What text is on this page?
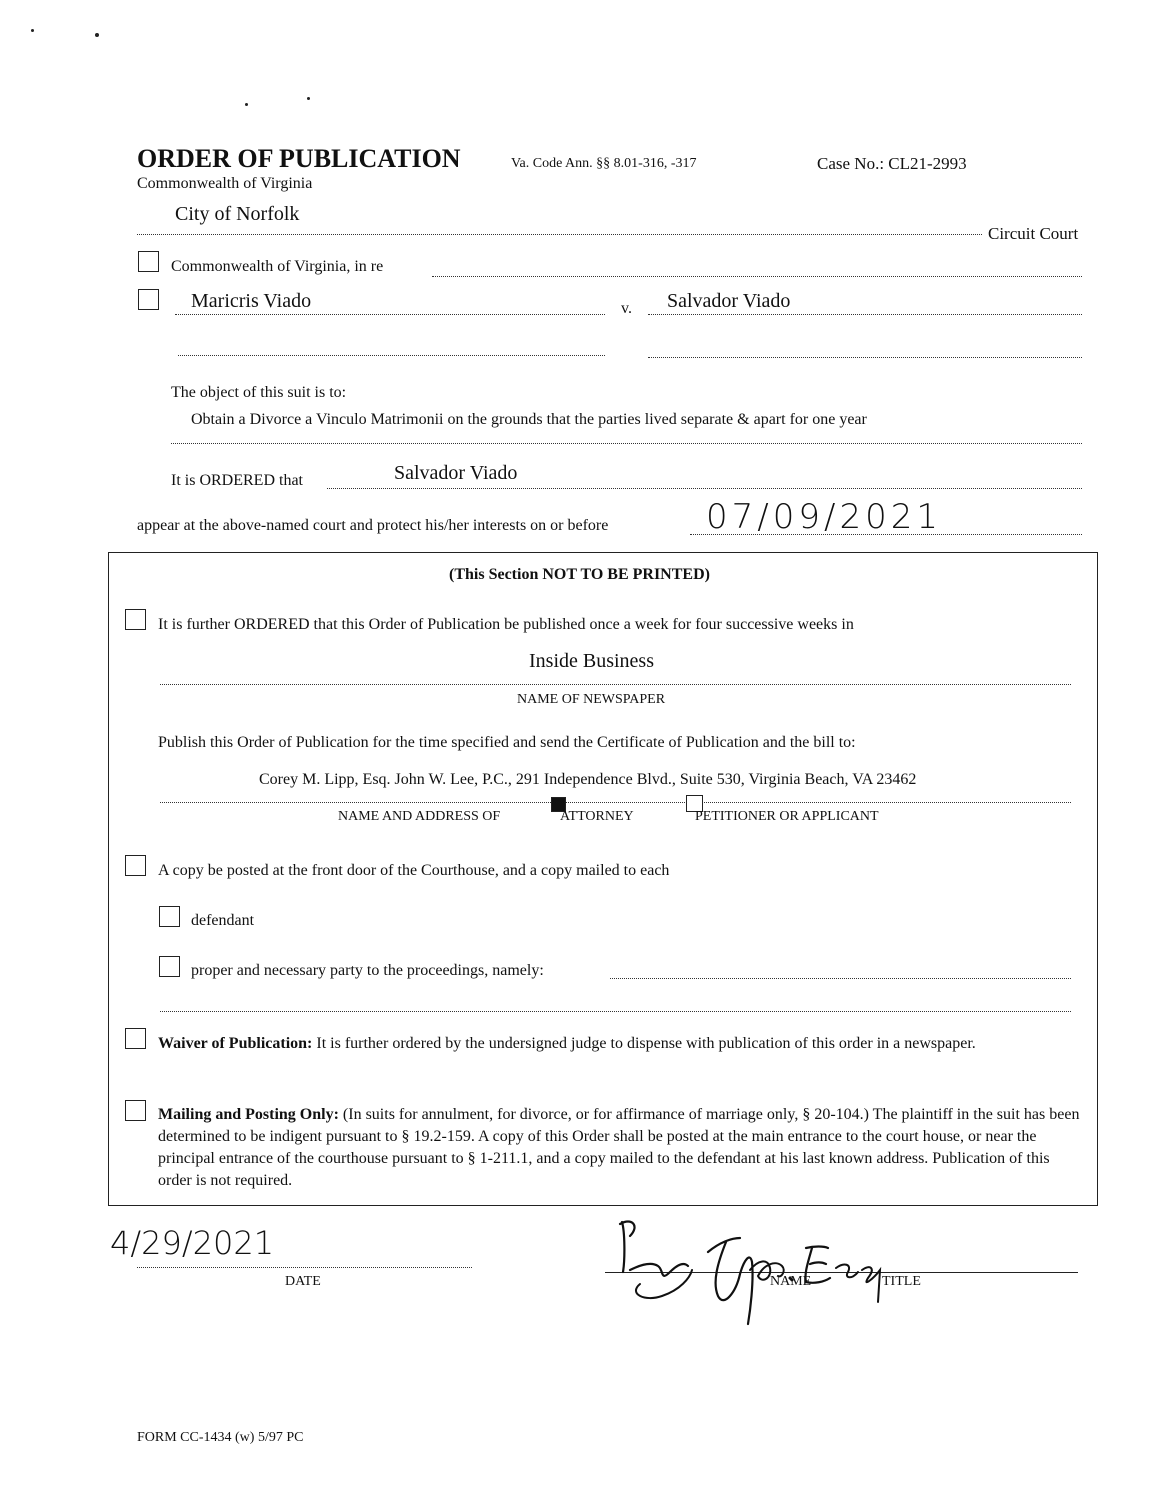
ORDER OF PUBLICATION	Va. Code Ann. §§ 8.01-316, -317	Case No.: CL21-2993
Commonwealth of Virginia
City of Norfolk
Circuit Court
Commonwealth of Virginia, in re
Maricris Viado	v. Salvador Viado
The object of this suit is to:
Obtain a Divorce a Vinculo Matrimonii on the grounds that the parties lived separate & apart for one year
It is ORDERED that	Salvador Viado
appear at the above-named court and protect his/her interests on or before	07/09/2021
(This Section NOT TO BE PRINTED)
It is further ORDERED that this Order of Publication be published once a week for four successive weeks in
Inside Business
NAME OF NEWSPAPER
Publish this Order of Publication for the time specified and send the Certificate of Publication and the bill to:
Corey M. Lipp, Esq. John W. Lee, P.C., 291 Independence Blvd., Suite 530, Virginia Beach, VA 23462
NAME AND ADDRESS OF	ATTORNEY	PETITIONER OR APPLICANT
A copy be posted at the front door of the Courthouse, and a copy mailed to each
defendant
proper and necessary party to the proceedings, namely:
Waiver of Publication: It is further ordered by the undersigned judge to dispense with publication of this order in a newspaper.
Mailing and Posting Only: (In suits for annulment, for divorce, or for affirmance of marriage only, § 20-104.) The plaintiff in the suit has been determined to be indigent pursuant to § 19.2-159. A copy of this Order shall be posted at the main entrance to the court house, or near the principal entrance of the courthouse pursuant to § 1-211.1, and a copy mailed to the defendant at his last known address. Publication of this order is not required.
4/29/2021
DATE	NAME	TITLE
FORM CC-1434 (w) 5/97 PC
